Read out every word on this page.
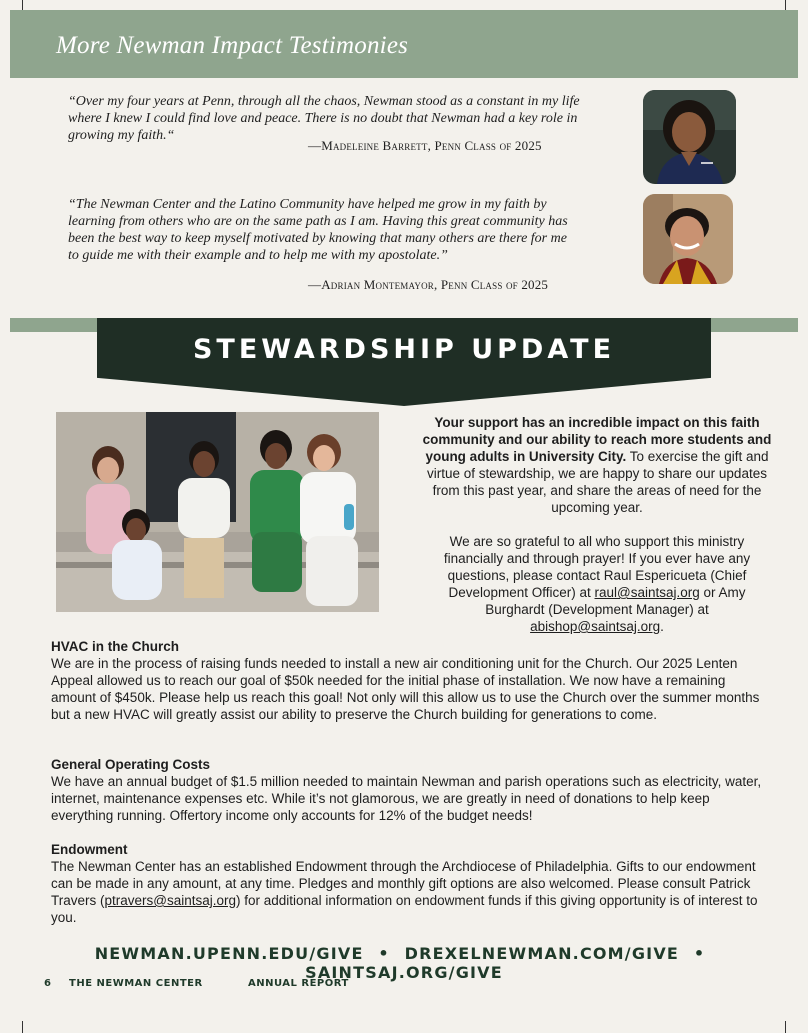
More Newman Impact Testimonies
“Over my four years at Penn, through all the chaos, Newman stood as a constant in my life where I knew I could find love and peace. There is no doubt that Newman had a key role in growing my faith.“
—Madeleine Barrett, Penn Class of 2025
“The Newman Center and the Latino Community have helped me grow in my faith by learning from others who are on the same path as I am. Having this great community has been the best way to keep myself motivated by knowing that many others are there for me to guide me with their example and to help me with my apostolate.”
—Adrian Montemayor, Penn Class of 2025
STEWARDSHIP UPDATE

Your support has an incredible impact on this faith community and our ability to reach more students and young adults in University City. To exercise the gift and virtue of stewardship, we are happy to share our updates from this past year, and share the areas of need for the upcoming year.

We are so grateful to all who support this ministry financially and through prayer! If you ever have any questions, please contact Raul Espericueta (Chief Development Officer) at raul@saintsaj.org or Amy Burghardt (Development Manager) at abishop@saintsaj.org.

HVAC in the Church

We are in the process of raising funds needed to install a new air conditioning unit for the Church. Our 2025 Lenten Appeal allowed us to reach our goal of $50k needed for the initial phase of installation. We now have a remaining amount of $450k. Please help us reach this goal! Not only will this allow us to use the Church over the summer months but a new HVAC will greatly assist our ability to preserve the Church building for generations to come.

General Operating Costs

We have an annual budget of $1.5 million needed to maintain Newman and parish operations such as electricity, water, internet, maintenance expenses etc. While it’s not glamorous, we are greatly in need of donations to help keep everything running. Offertory income only accounts for 12% of the budget needs!

Endowment

The Newman Center has an established Endowment through the Archdiocese of Philadelphia. Gifts to our endowment can be made in any amount, at any time. Pledges and monthly gift options are also welcomed. Please consult Patrick Travers (ptravers@saintsaj.org) for additional information on endowment funds if this giving opportunity is of interest to you.

NEWMAN.UPENN.EDU/GIVE • DREXELNEWMAN.COM/GIVE • SAINTSAJ.ORG/GIVE
6 THE NEWMAN CENTER	ANNUAL REPORT
